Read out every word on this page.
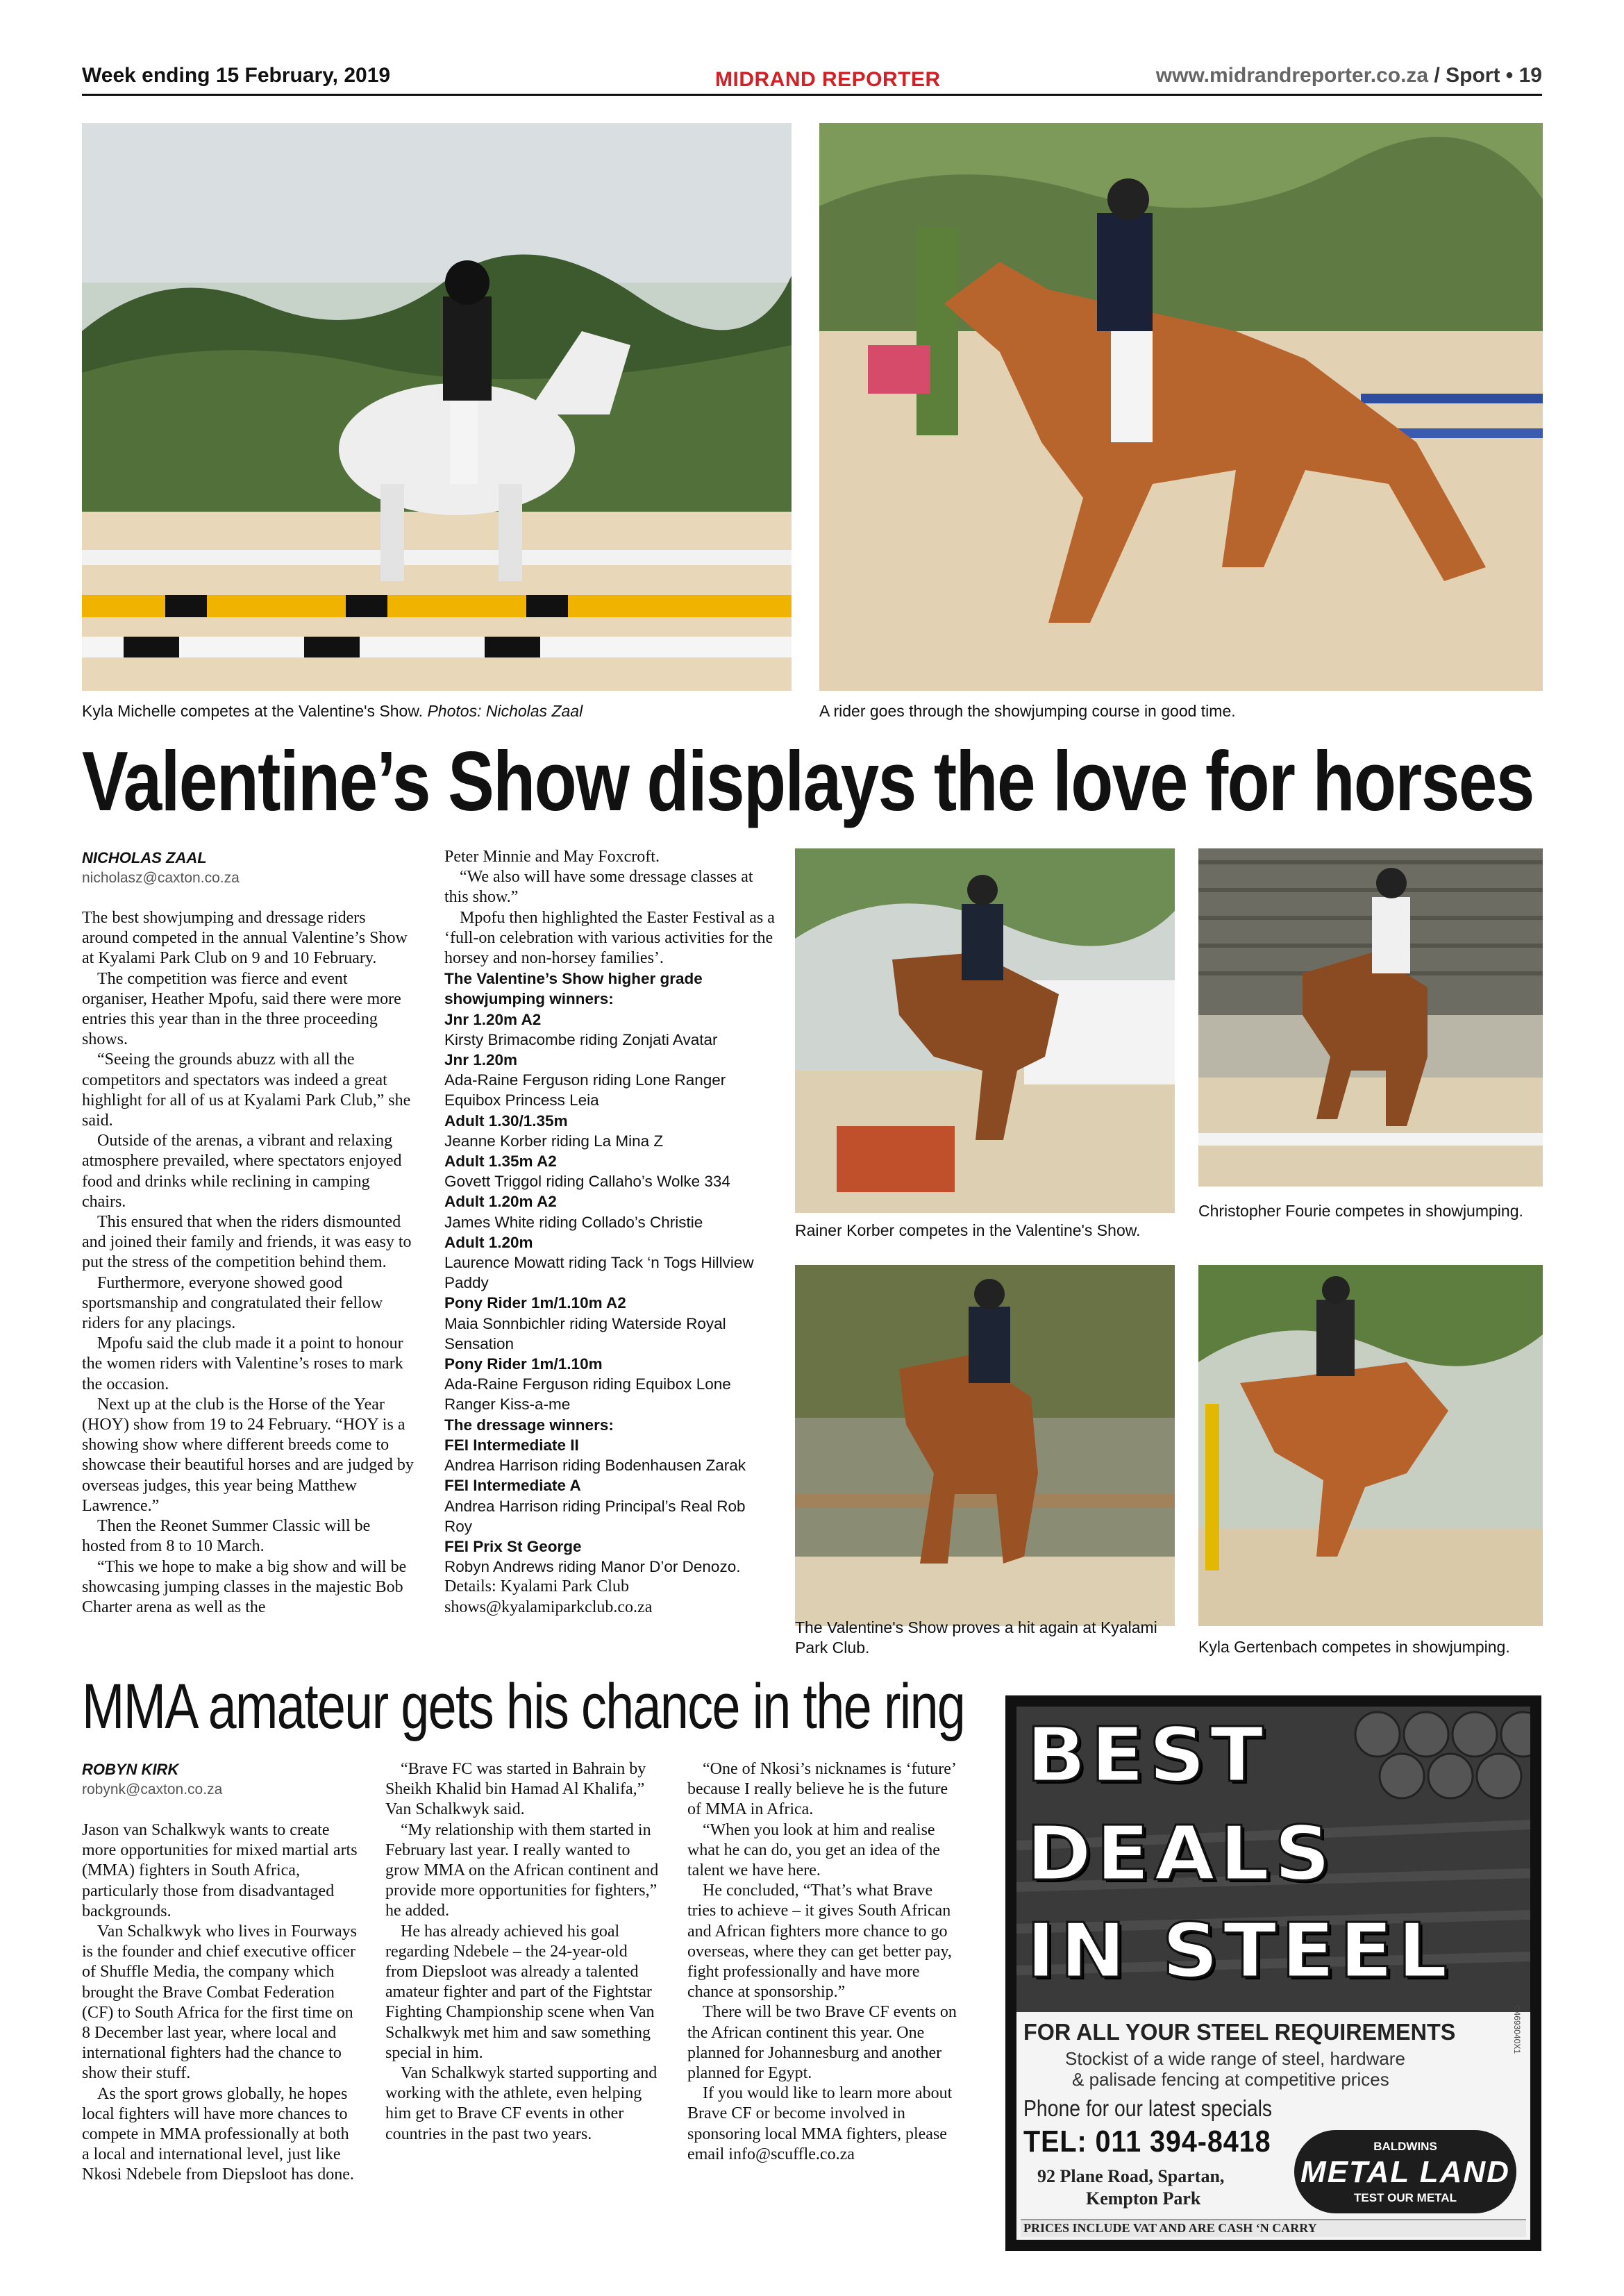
Week ending 15 February, 2019	MIDRAND REPORTER	www.midrandreporter.co.za / Sport • 19
Kyla Michelle competes at the Valentine's Show. Photos: Nicholas Zaal	A rider goes through the showjumping course in good time.
Valentine’s Show displays the love for horses
NICHOLAS ZAAL
nicholasz@caxton.co.za

The best showjumping and dressage riders around competed in the annual Valentine’s Show at Kyalami Park Club on 9 and 10 February.

The competition was fierce and event organiser, Heather Mpofu, said there were more entries this year than in the three proceeding shows.

“Seeing the grounds abuzz with all the competitors and spectators was indeed a great highlight for all of us at Kyalami Park Club,” she said.

Outside of the arenas, a vibrant and relaxing atmosphere prevailed, where spectators enjoyed food and drinks while reclining in camping chairs.

This ensured that when the riders dismounted and joined their family and friends, it was easy to put the stress of the competition behind them.

Furthermore, everyone showed good sportsmanship and congratulated their fellow riders for any placings.

Mpofu said the club made it a point to honour the women riders with Valentine’s roses to mark the occasion.

Next up at the club is the Horse of the Year (HOY) show from 19 to 24 February. “HOY is a showing show where different breeds come to showcase their beautiful horses and are judged by overseas judges, this year being Matthew Lawrence.”

Then the Reonet Summer Classic will be hosted from 8 to 10 March.

“This we hope to make a big show and will be showcasing jumping classes in the majestic Bob Charter arena as well as the

Peter Minnie and May Foxcroft.

“We also will have some dressage classes at this show.”

Mpofu then highlighted the Easter Festival as a ‘full-on celebration with various activities for the horsey and non-horsey families’.

The Valentine’s Show higher grade showjumping winners:

Jnr 1.20m A2

Kirsty Brimacombe riding Zonjati Avatar

Jnr 1.20m

Ada-Raine Ferguson riding Lone Ranger Equibox Princess Leia

Adult 1.30/1.35m

Jeanne Korber riding La Mina Z

Adult 1.35m A2

Govett Triggol riding Callaho’s Wolke 334

Adult 1.20m A2

James White riding Collado’s Christie

Adult 1.20m

Laurence Mowatt riding Tack ‘n Togs Hillview Paddy

Pony Rider 1m/1.10m A2

Maia Sonnbichler riding Waterside Royal Sensation

Pony Rider 1m/1.10m

Ada-Raine Ferguson riding Equibox Lone Ranger Kiss-a-me

The dressage winners:

FEI Intermediate II

Andrea Harrison riding Bodenhausen Zarak

FEI Intermediate A

Andrea Harrison riding Principal’s Real Rob Roy

FEI Prix St George

Robyn Andrews riding Manor D’or Denozo.

Details: Kyalami Park Club shows@kyalamiparkclub.co.za

Rainer Korber competes in the Valentine's Show.
Christopher Fourie competes in showjumping.
The Valentine's Show proves a hit again at Kyalami Park Club.	Kyla Gertenbach competes in showjumping.
MMA amateur gets his chance in the ring
ROBYN KIRK
robynk@caxton.co.za

Jason van Schalkwyk wants to create more opportunities for mixed martial arts (MMA) fighters in South Africa, particularly those from disadvantaged backgrounds.

Van Schalkwyk who lives in Fourways is the founder and chief executive officer of Shuffle Media, the company which brought the Brave Combat Federation (CF) to South Africa for the first time on 8 December last year, where local and international fighters had the chance to show their stuff.

As the sport grows globally, he hopes local fighters will have more chances to compete in MMA professionally at both a local and international level, just like Nkosi Ndebele from Diepsloot has done.

“Brave FC was started in Bahrain by Sheikh Khalid bin Hamad Al Khalifa,” Van Schalkwyk said.

“My relationship with them started in February last year. I really wanted to grow MMA on the African continent and provide more opportunities for fighters,” he added.

He has already achieved his goal regarding Ndebele – the 24-year-old from Diepsloot was already a talented amateur fighter and part of the Fightstar Fighting Championship scene when Van Schalkwyk met him and saw something special in him.

Van Schalkwyk started supporting and working with the athlete, even helping him get to Brave CF events in other countries in the past two years.

“One of Nkosi’s nicknames is ‘future’ because I really believe he is the future of MMA in Africa.

“When you look at him and realise what he can do, you get an idea of the talent we have here.

He concluded, “That’s what Brave tries to achieve – it gives South African and African fighters more chance to go overseas, where they can get better pay, fight professionally and have more chance at sponsorship.”

There will be two Brave CF events on the African continent this year. One planned for Johannesburg and another planned for Egypt.

If you would like to learn more about Brave CF or become involved in sponsoring local MMA fighters, please email info@scuffle.co.za

BEST
DEALS
IN STEEL
FOR ALL YOUR STEEL REQUIREMENTS
Stockist of a wide range of steel, hardware
& palisade fencing at competitive prices
Phone for our latest specials
TEL: 011 394-8418
92 Plane Road, Spartan,
Kempton Park
BALDWINS
METAL LAND
TEST OUR METAL
C4693040X1
PRICES INCLUDE VAT AND ARE CASH ‘N CARRY
